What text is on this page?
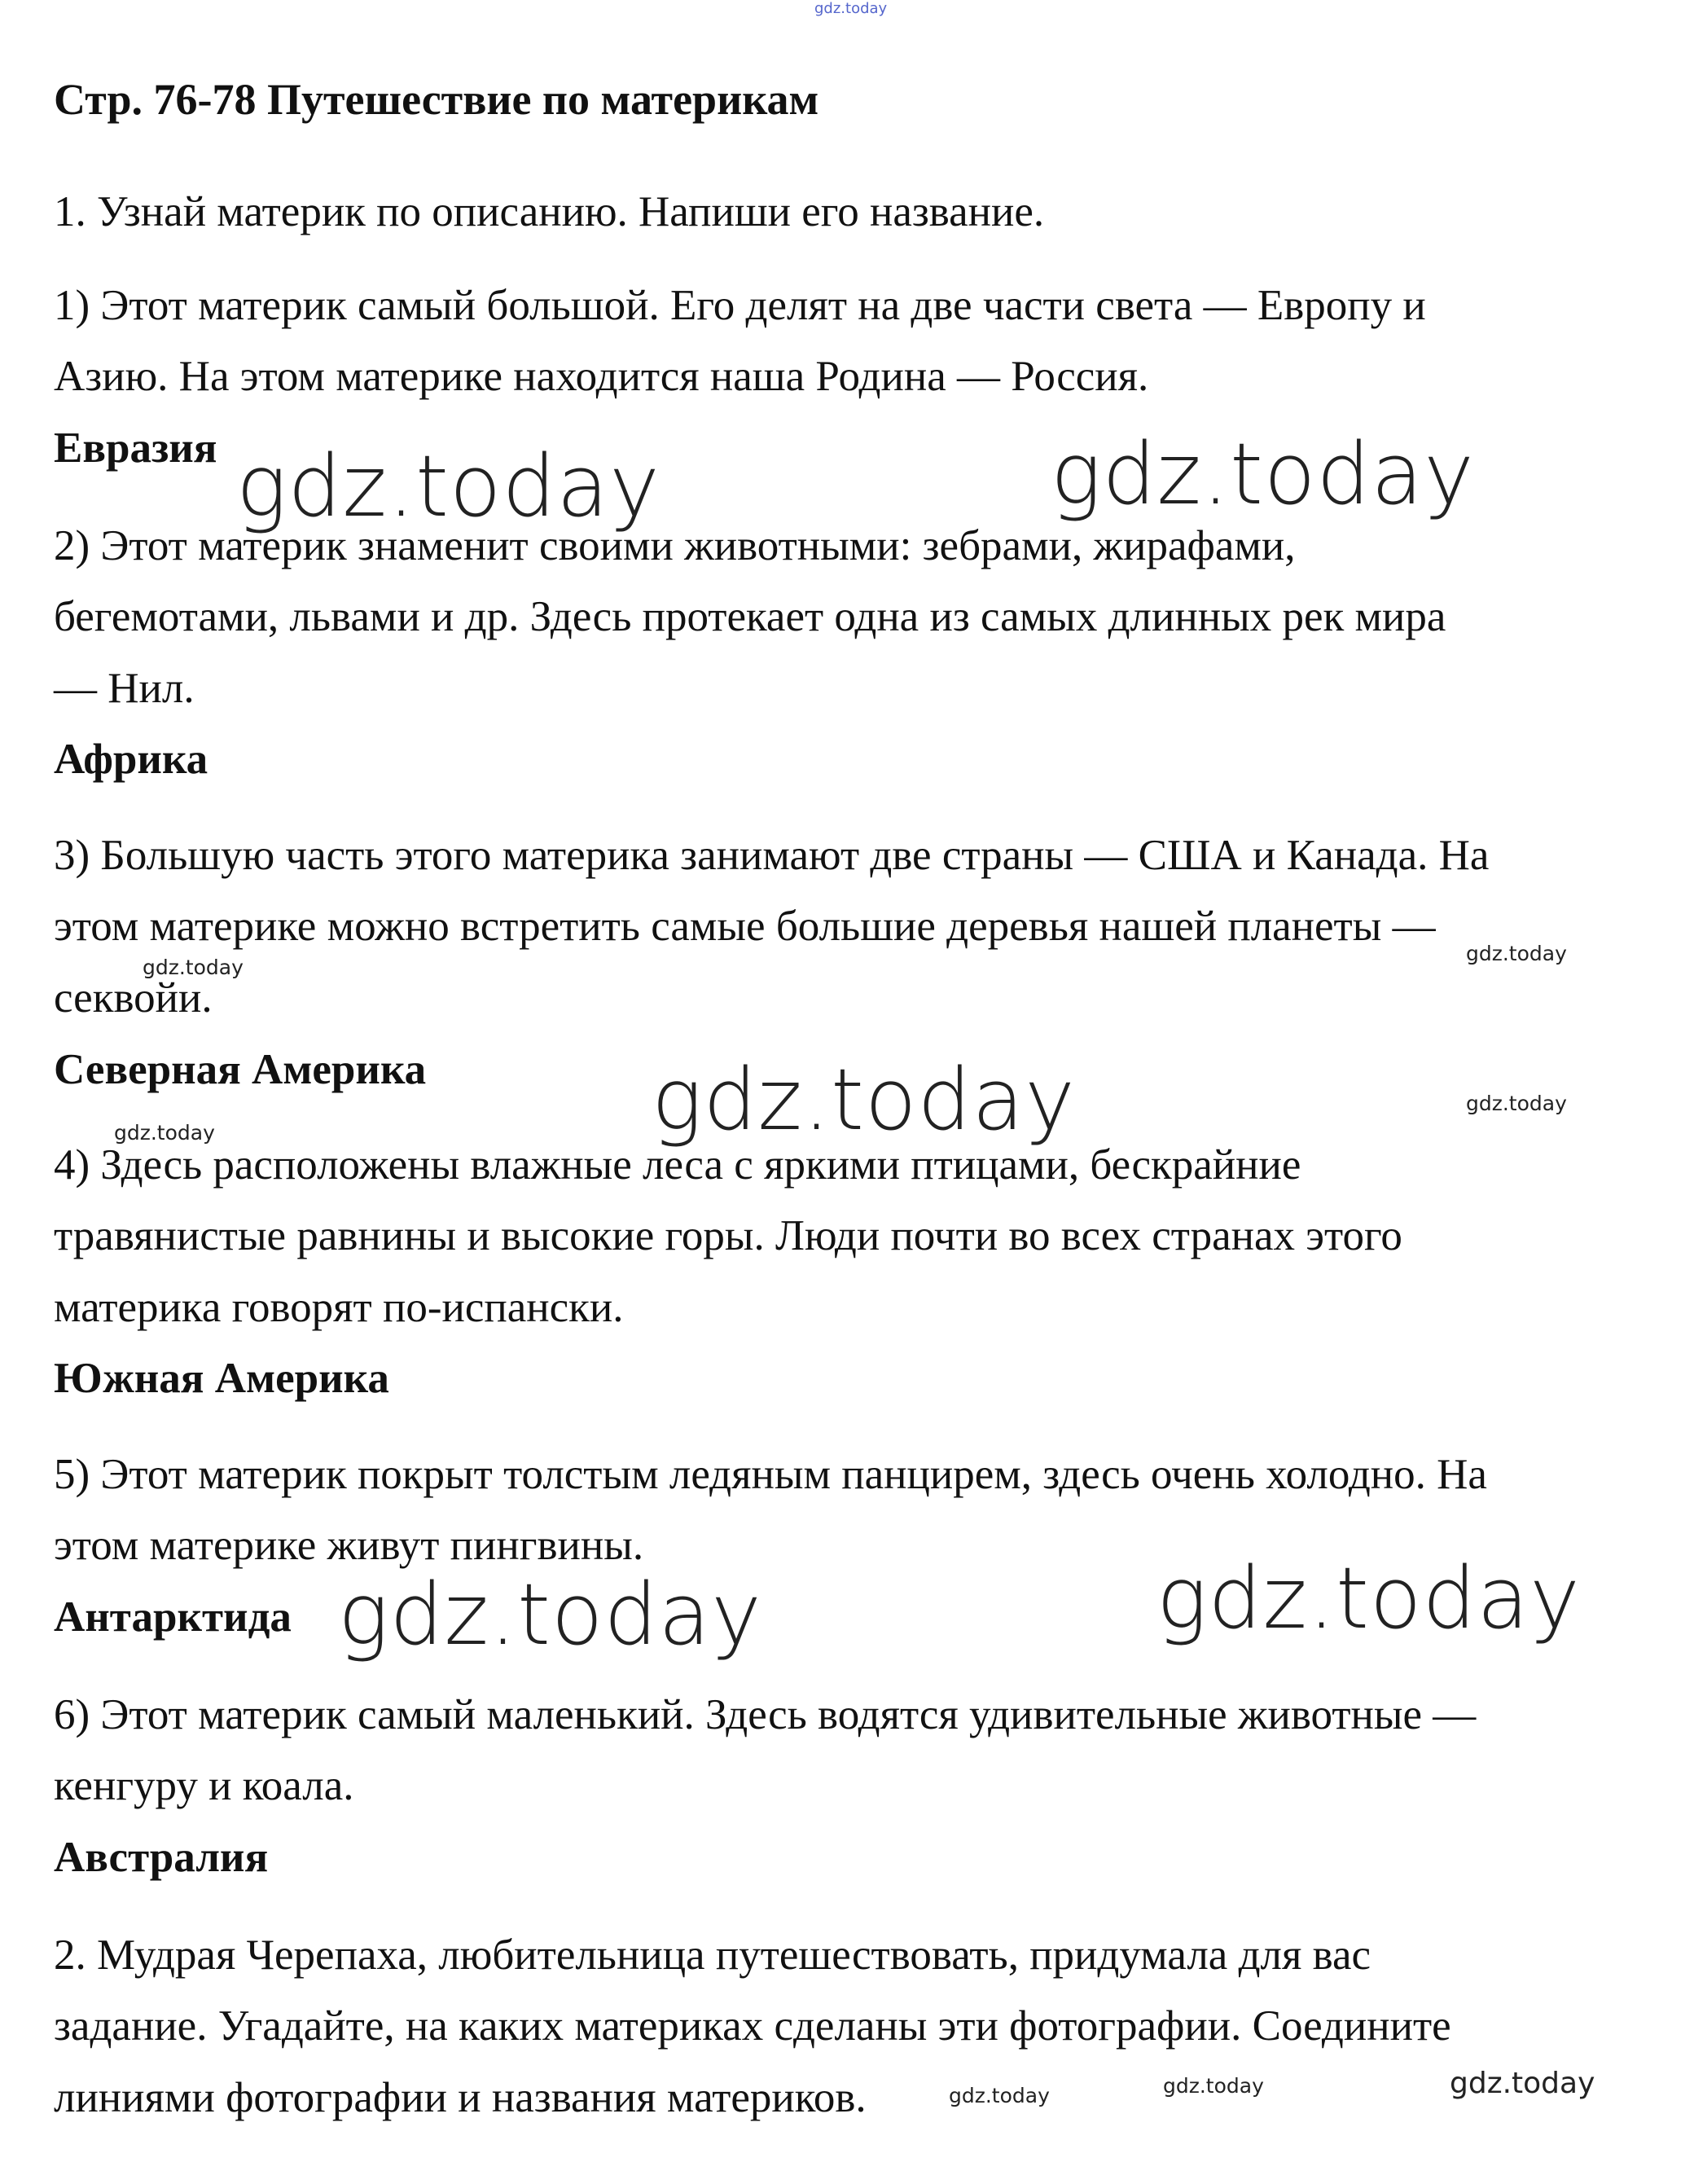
gdz.today
Стр. 76-78 Путешествие по материкам
1. Узнай материк по описанию. Напиши его название.
1) Этот материк самый большой. Его делят на две части света — Европу и
Азию. На этом материке находится наша Родина — Россия.
Евразия
2) Этот материк знаменит своими животными: зебрами, жирафами,
бегемотами, львами и др. Здесь протекает одна из самых длинных рек мира
— Нил.
Африка
3) Большую часть этого материка занимают две страны — США и Канада. На
этом материке можно встретить самые большие деревья нашей планеты —
секвойи.
Северная Америка
4) Здесь расположены влажные леса с яркими птицами, бескрайние
травянистые равнины и высокие горы. Люди почти во всех странах этого
материка говорят по-испански.
Южная Америка
5) Этот материк покрыт толстым ледяным панцирем, здесь очень холодно. На
этом материке живут пингвины.
Антарктида
6) Этот материк самый маленький. Здесь водятся удивительные животные —
кенгуру и коала.
Австралия
2. Мудрая Черепаха, любительница путешествовать, придумала для вас
задание. Угадайте, на каких материках сделаны эти фотографии. Соедините
линиями фотографии и названия материков.
gdz.today	gdz.today
gdz.today
gdz.today
gdz.today	gdz.today
gdz.today
gdz.today	gdz.today
gdz.today	gdz.today	gdz.today
